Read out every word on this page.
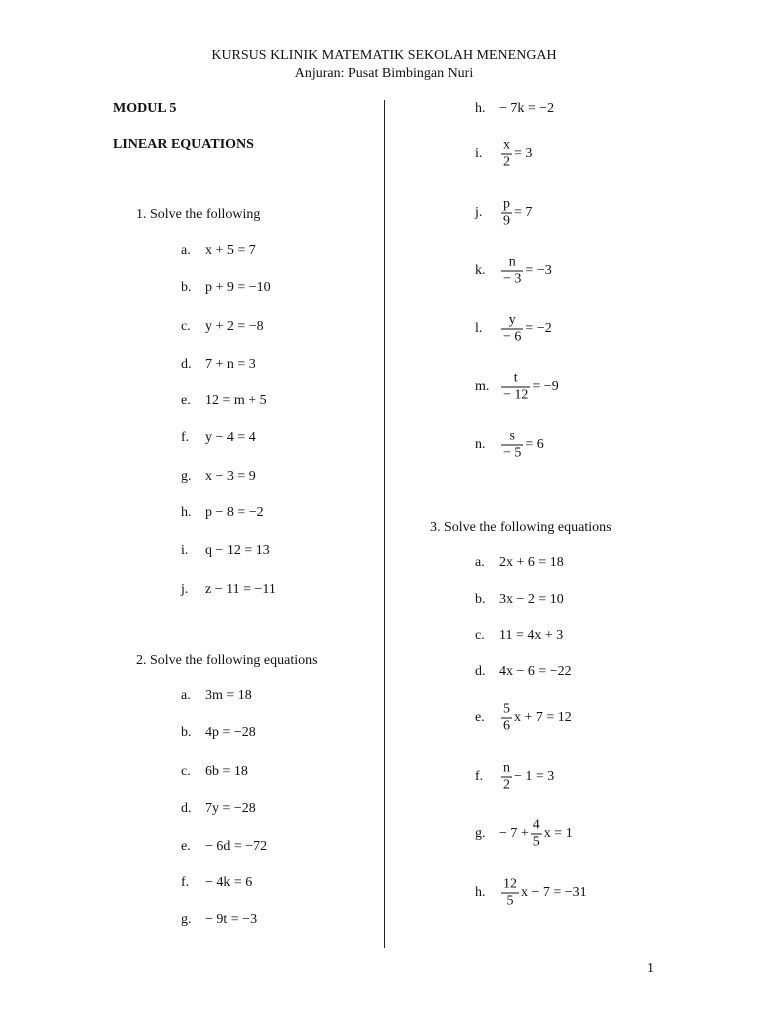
KURSUS KLINIK MATEMATIK SEKOLAH MENENGAH
Anjuran: Pusat Bimbingan Nuri
MODUL 5
LINEAR EQUATIONS
1. Solve the following
2. Solve the following equations
3. Solve the following equations
1
a. x + 5 = 7
b. p + 9 = −10
c. y + 2 = −8
d. 7 + n = 3
e. 12 = m + 5
f. y − 4 = 4
g. x − 3 = 9
h. p − 8 = −2
i. q − 12 = 13
j. z − 11 = −11
a. 3m = 18
b. 4p = −28
c. 6b = 18
d. 7y = −28
e. − 6d = −72
f. − 4k = 6
g. − 9t = −3
h. − 7k = −2
i. $\frac{x}{2} = 3$
j. $\frac{p}{9} = 7$
k. $\frac{n}{- 3} = -3$
l. $\frac{y}{- 6} = -2$
m. $\frac{t}{- 12} = -9$
n. $\frac{s}{- 5} = 6$
a. 2x + 6 = 18
b. 3x − 2 = 10
c. 11 = 4x + 3
d. 4x − 6 = −22
e. $\frac{5}{6}$ x + 7 = 12
f. $\frac{n}{2} - 1 = 3$
g. − $7 + \frac{4}{5}$ x = 1
h. $\frac{12}{5}$ x − 7 = −31
